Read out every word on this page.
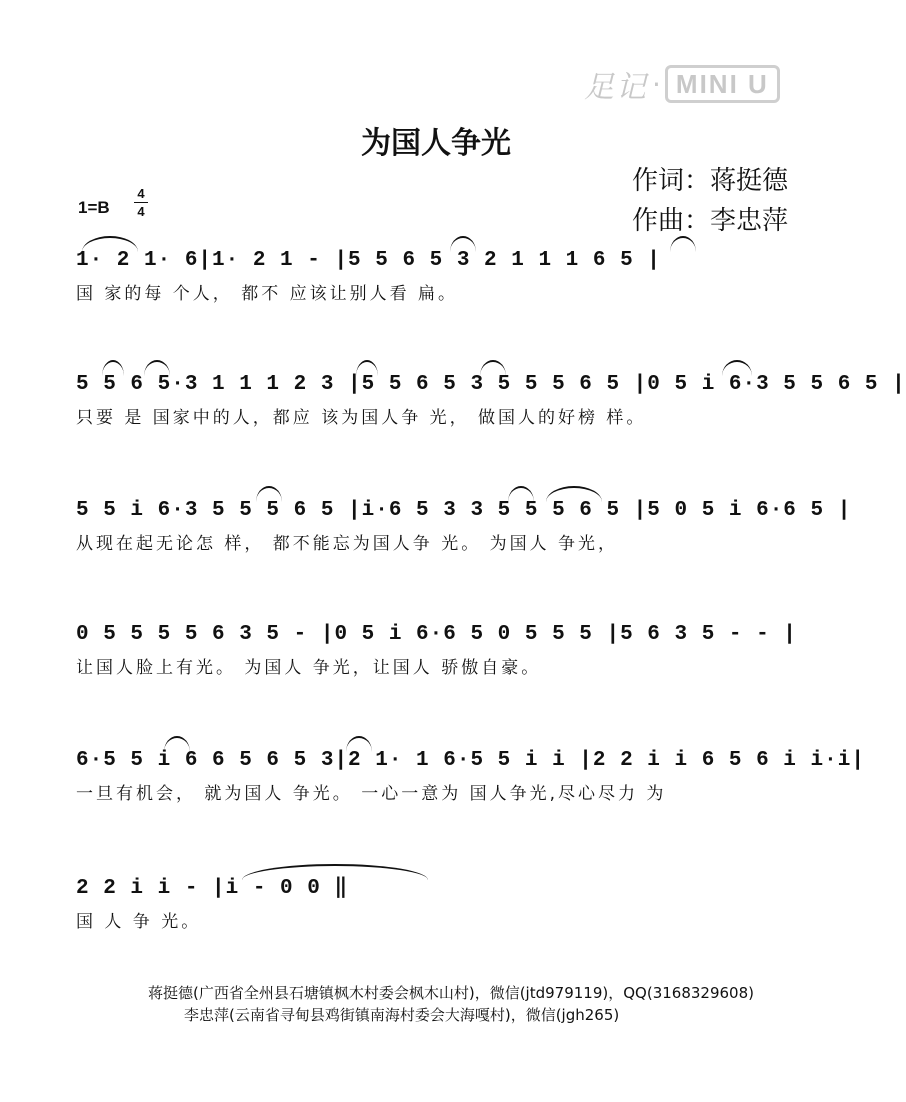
足记 · MINI U
为国人争光
作词：蒋挺德
作曲：李忠萍
1=B
4
4
1· 2 1· 6|1· 2 1 - |5 5 6 5 3 2 1 1 1 6 5 |
国 家的每 个人， 都不 应该让别人看 扁。
5 5 6 5·3 1 1 1 2 3 |5 5 6 5 3 5 5 5 6 5 |0 5 i 6·3 5 5 6 5 |
只要 是 国家中的人，都应 该为国人争 光， 做国人的好榜 样。
5 5 i 6·3 5 5 5 6 5 |i·6 5 3 3 5 5 5 6 5 |5 0 5 i 6·6 5 |
从现在起无论怎 样， 都不能忘为国人争 光。 为国人 争光，
0 5 5 5 5 6 3 5 - |0 5 i 6·6 5 0 5 5 5 |5 6 3 5 - - |
让国人脸上有光。 为国人 争光，让国人 骄傲自豪。
6·5 5 i 6 6 5 6 5 3|2 1· 1 6·5 5 i i |2 2 i i 6 5 6 i i·i|
一旦有机会， 就为国人 争光。 一心一意为 国人争光,尽心尽力 为
2 2 i i - |i - 0 0 ‖
国 人 争 光。
蒋挺德(广西省全州县石塘镇枫木村委会枫木山村)，微信(jtd979119)，QQ(3168329608)
李忠萍(云南省寻甸县鸡街镇南海村委会大海嘎村)，微信(jgh265)
